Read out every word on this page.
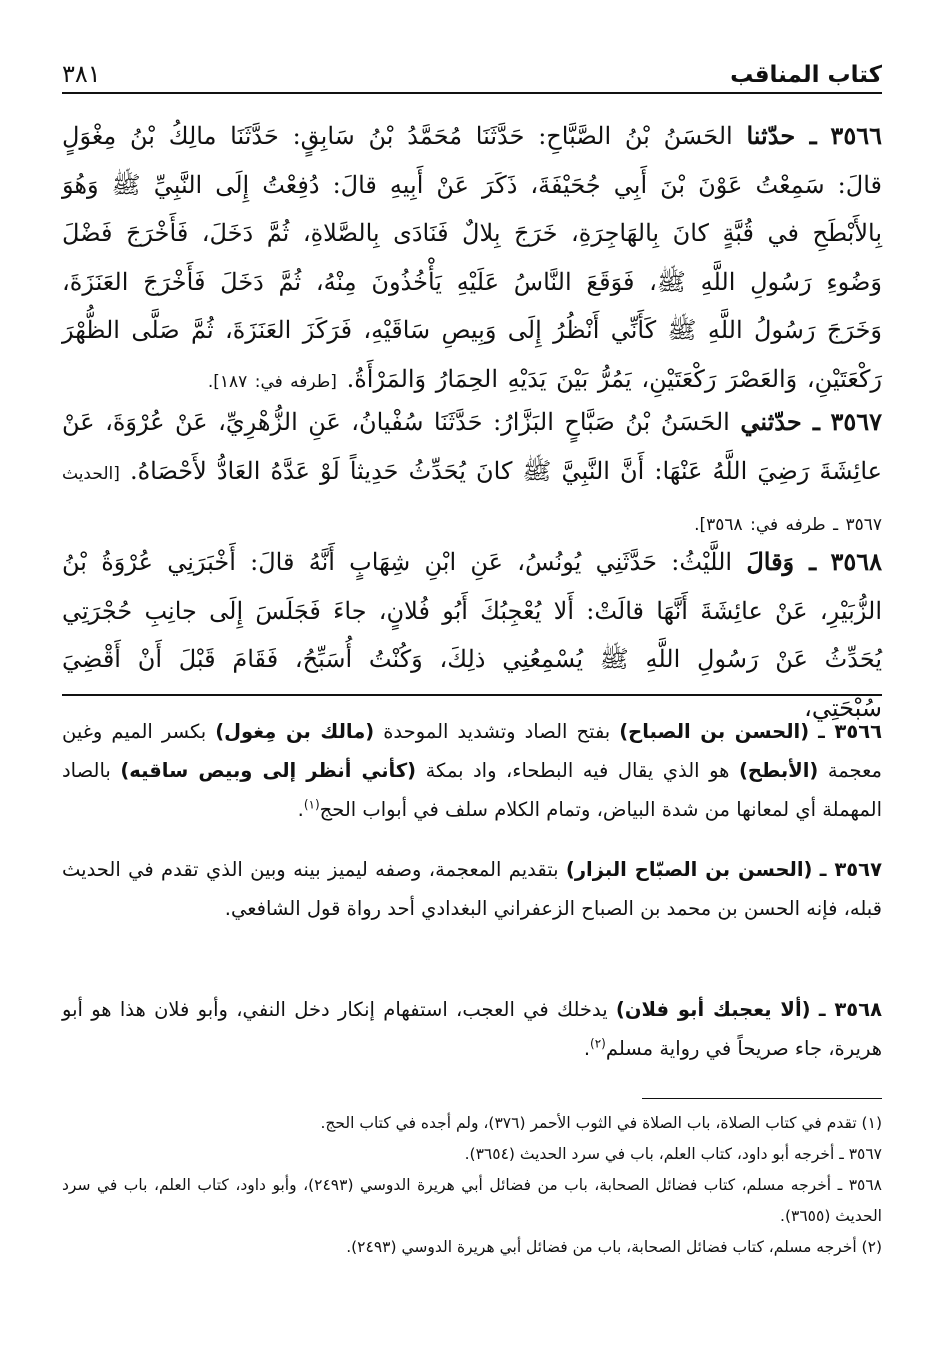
كتاب المناقب
٣٨١
٣٥٦٦ ـ حدّثنا الحَسَنُ بْنُ الصَّبَّاحِ: حَدَّثَنَا مُحَمَّدُ بْنُ سَابِقٍ: حَدَّثَنَا مالِكُ بْنُ مِغْوَلٍ قالَ: سَمِعْتُ عَوْنَ بْنَ أَبِي جُحَيْفَةَ، ذَكَرَ عَنْ أَبِيهِ قالَ: دُفِعْتُ إِلَى النَّبِيِّ ﷺ وَهُوَ بِالأَبْطَحِ في قُبَّةٍ كانَ بِالهَاجِرَةِ، خَرَجَ بِلالٌ فَنَادَى بِالصَّلاةِ، ثُمَّ دَخَلَ، فَأَخْرَجَ فَضْلَ وَضُوءِ رَسُولِ اللَّهِ ﷺ، فَوَقَعَ النَّاسُ عَلَيْهِ يَأْخُذُونَ مِنْهُ، ثُمَّ دَخَلَ فَأَخْرَجَ العَنَزَةَ، وَخَرَجَ رَسُولُ اللَّهِ ﷺ كَأَنِّي أَنْظُرُ إِلَى وَبِيصِ سَاقَيْهِ، فَرَكَزَ العَنَزَةَ، ثُمَّ صَلَّى الظُّهْرَ رَكْعَتَيْنِ، وَالعَصْرَ رَكْعَتَيْنِ، يَمُرُّ بَيْنَ يَدَيْهِ الحِمَارُ وَالمَرْأَةُ. [طرفه في: ١٨٧].
٣٥٦٧ ـ حدّثني الحَسَنُ بْنُ صَبَّاحٍ البَزَّارُ: حَدَّثَنَا سُفْيانُ، عَنِ الزُّهْرِيِّ، عَنْ عُرْوَةَ، عَنْ عائِشَةَ رَضِيَ اللَّهُ عَنْهَا: أَنَّ النَّبِيَّ ﷺ كانَ يُحَدِّثُ حَدِيثاً لَوْ عَدَّهُ العَادُّ لأَحْصَاهُ. [الحديث ٣٥٦٧ ـ طرفه في: ٣٥٦٨].
٣٥٦٨ ـ وَقالَ اللَّيْثُ: حَدَّثَنِي يُونُسُ، عَنِ ابْنِ شِهَابٍ أَنَّهُ قالَ: أَخْبَرَنِي عُرْوَةُ بْنُ الزُّبَيْرِ، عَنْ عائِشَةَ أَنَّهَا قالَتْ: أَلا يُعْجِبُكَ أَبُو فُلانٍ، جاءَ فَجَلَسَ إِلَى جانِبِ حُجْرَتِي يُحَدِّثُ عَنْ رَسُولِ اللَّهِ ﷺ يُسْمِعُنِي ذلِكَ، وَكُنْتُ أُسَبِّحُ، فَقَامَ قَبْلَ أَنْ أَقْضِيَ سُبْحَتِي،
٣٥٦٦ ـ (الحسن بن الصباح) بفتح الصاد وتشديد الموحدة (مالك بن مِغول) بكسر الميم وغين معجمة (الأبطح) هو الذي يقال فيه البطحاء، واد بمكة (كأني أنظر إلى وبيص ساقيه) بالصاد المهملة أي لمعانها من شدة البياض، وتمام الكلام سلف في أبواب الحج$^{(١)}$.
٣٥٦٧ ـ (الحسن بن الصبّاح البزار) بتقديم المعجمة، وصفه ليميز بينه وبين الذي تقدم في الحديث قبله، فإنه الحسن بن محمد بن الصباح الزعفراني البغدادي أحد رواة قول الشافعي.
٣٥٦٨ ـ (ألا يعجبك أبو فلان) يدخلك في العجب، استفهام إنكار دخل النفي، وأبو فلان هذا هو أبو هريرة، جاء صريحاً في رواية مسلم$^{(٢)}$.
(١) تقدم في كتاب الصلاة، باب الصلاة في الثوب الأحمر (٣٧٦)، ولم أجده في كتاب الحج.
٣٥٦٧ ـ أخرجه أبو داود، كتاب العلم، باب في سرد الحديث (٣٦٥٤).
٣٥٦٨ ـ أخرجه مسلم، كتاب فضائل الصحابة، باب من فضائل أبي هريرة الدوسي (٢٤٩٣)، وأبو داود، كتاب العلم، باب في سرد الحديث (٣٦٥٥).
(٢) أخرجه مسلم، كتاب فضائل الصحابة، باب من فضائل أبي هريرة الدوسي (٢٤٩٣).
